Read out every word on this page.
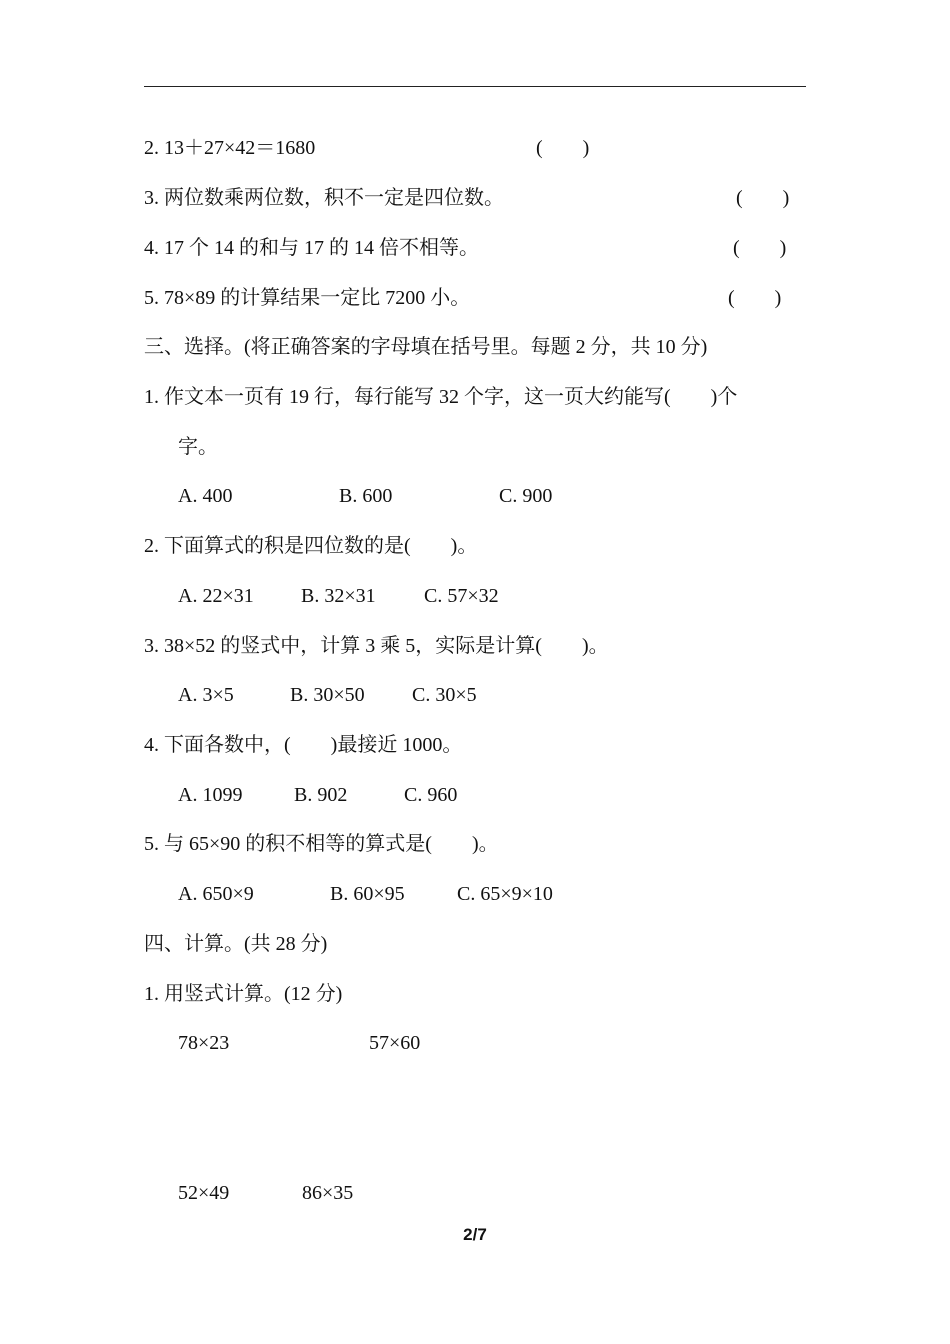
2. 13＋27×42＝1680	(        )
3. 两位数乘两位数，积不一定是四位数。	(        )
4. 17 个 14 的和与 17 的 14 倍不相等。	(        )
5. 78×89 的计算结果一定比 7200 小。	(        )
三、选择。(将正确答案的字母填在括号里。每题 2 分，共 10 分)
1. 作文本一页有 19 行，每行能写 32 个字，这一页大约能写(        )个
字。
A. 400	B. 600	C. 900
2. 下面算式的积是四位数的是(        )。
A. 22×31 B. 32×31 C. 57×32
3. 38×52 的竖式中，计算 3 乘 5，实际是计算(        )。
A. 3×5	B. 30×50 C. 30×5
4. 下面各数中，(        )最接近 1000。
A. 1099	B. 902	C. 960
5. 与 65×90 的积不相等的算式是(        )。
A. 650×9	B. 60×95	C. 65×9×10
四、计算。(共 28 分)
1. 用竖式计算。(12 分)
78×23	57×60
52×49	86×35
2/7
